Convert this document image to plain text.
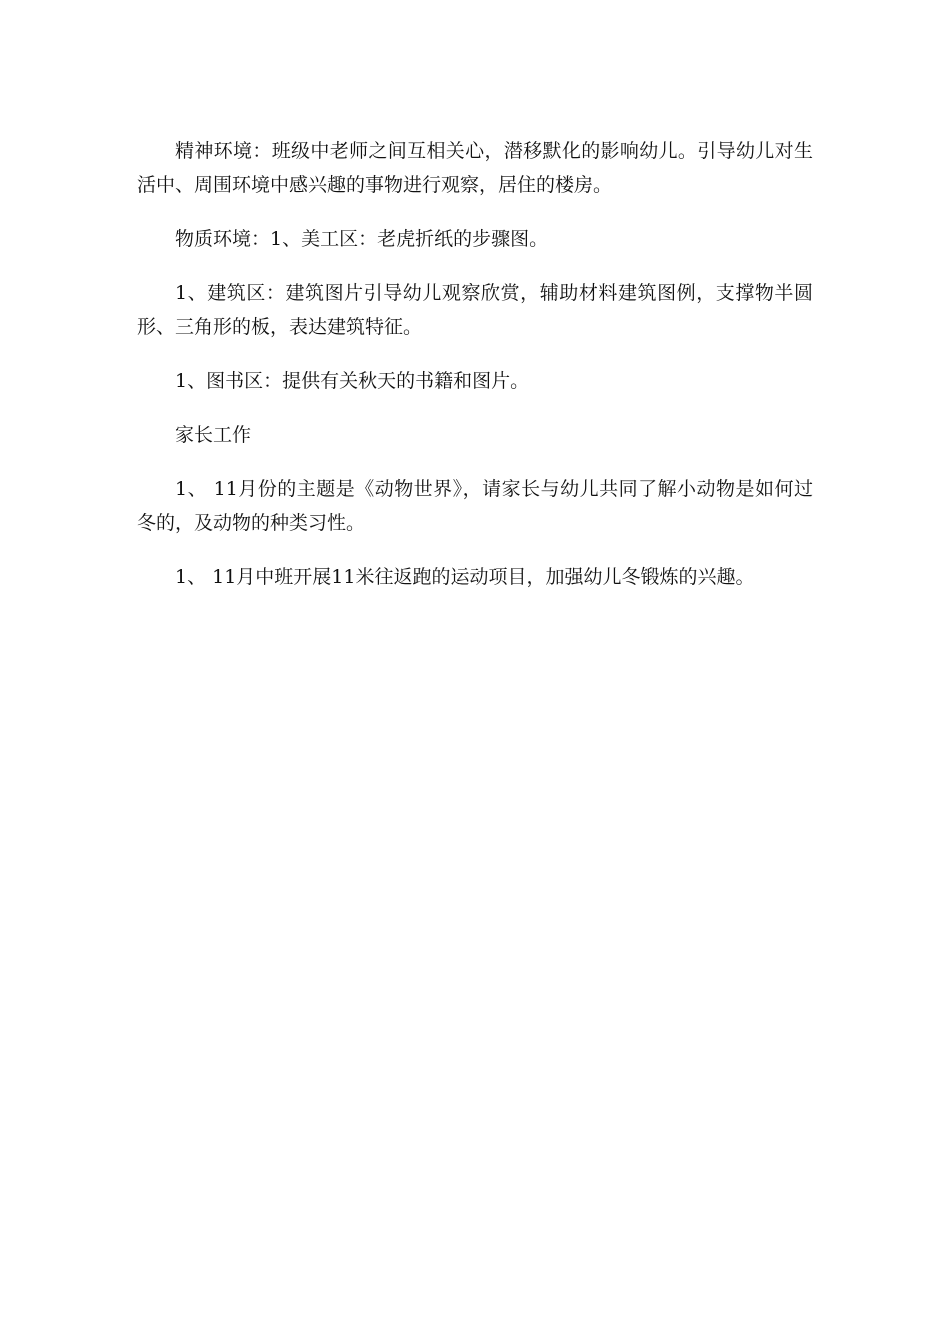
精神环境：班级中老师之间互相关心，潜移默化的影响幼儿。引导幼儿对生活中、周围环境中感兴趣的事物进行观察，居住的楼房。

物质环境：1、美工区：老虎折纸的步骤图。

1、建筑区：建筑图片引导幼儿观察欣赏，辅助材料建筑图例，支撑物半圆形、三角形的板，表达建筑特征。

1、图书区：提供有关秋天的书籍和图片。

家长工作

1、 11月份的主题是《动物世界》，请家长与幼儿共同了解小动物是如何过冬的，及动物的种类习性。

1、 11月中班开展11米往返跑的运动项目，加强幼儿冬锻炼的兴趣。
